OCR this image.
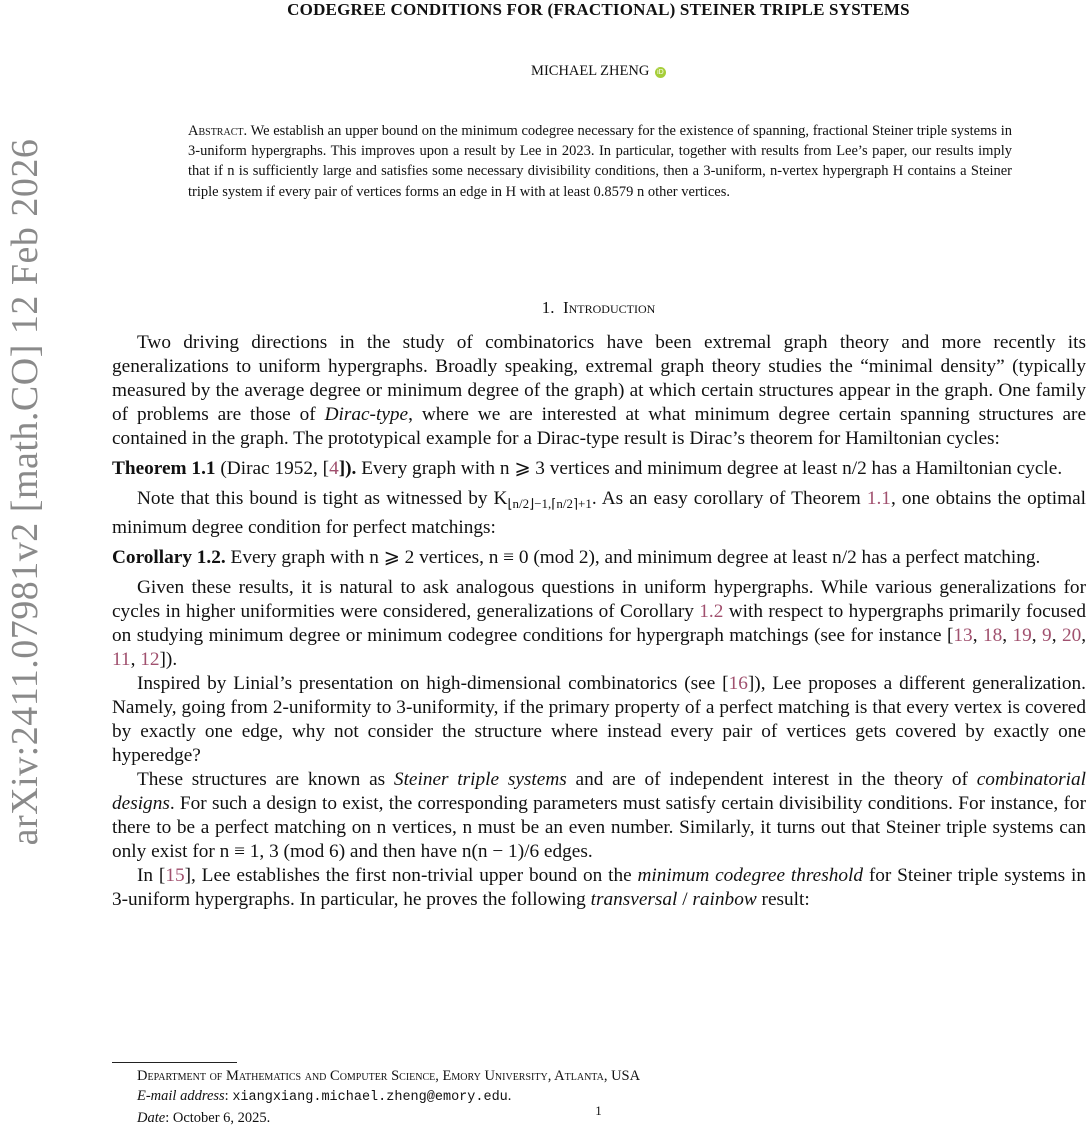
arXiv:2411.07981v2 [math.CO] 12 Feb 2026
CODEGREE CONDITIONS FOR (FRACTIONAL) STEINER TRIPLE SYSTEMS
MICHAEL ZHENG iD
Abstract. We establish an upper bound on the minimum codegree necessary for the existence of spanning, fractional Steiner triple systems in 3-uniform hypergraphs. This improves upon a result by Lee in 2023. In particular, together with results from Lee’s paper, our results imply that if n is sufficiently large and satisfies some necessary divisibility conditions, then a 3-uniform, n-vertex hypergraph H contains a Steiner triple system if every pair of vertices forms an edge in H with at least 0.8579 n other vertices.
1. Introduction

Two driving directions in the study of combinatorics have been extremal graph theory and more recently its generalizations to uniform hypergraphs. Broadly speaking, extremal graph theory studies the “minimal density” (typically measured by the average degree or minimum degree of the graph) at which certain structures appear in the graph. One family of problems are those of Dirac-type, where we are interested at what minimum degree certain spanning structures are contained in the graph. The prototypical example for a Dirac-type result is Dirac’s theorem for Hamiltonian cycles:

Theorem 1.1 (Dirac 1952, [4]). Every graph with n ⩾ 3 vertices and minimum degree at least n/2 has a Hamiltonian cycle.

Note that this bound is tight as witnessed by $K_{⌊n/2⌋-1,⌈n/2⌉+1}$. As an easy corollary of Theorem 1.1, one obtains the optimal minimum degree condition for perfect matchings:

Corollary 1.2. Every graph with n ⩾ 2 vertices, n ≡ 0 (mod 2), and minimum degree at least n/2 has a perfect matching.

Given these results, it is natural to ask analogous questions in uniform hypergraphs. While various generalizations for cycles in higher uniformities were considered, generalizations of Corollary 1.2 with respect to hypergraphs primarily focused on studying minimum degree or minimum codegree conditions for hypergraph matchings (see for instance [13, 18, 19, 9, 20, 11, 12]).

Inspired by Linial’s presentation on high-dimensional combinatorics (see [16]), Lee proposes a different generalization. Namely, going from 2-uniformity to 3-uniformity, if the primary property of a perfect matching is that every vertex is covered by exactly one edge, why not consider the structure where instead every pair of vertices gets covered by exactly one hyperedge?

These structures are known as Steiner triple systems and are of independent interest in the theory of combinatorial designs. For such a design to exist, the corresponding parameters must satisfy certain divisibility conditions. For instance, for there to be a perfect matching on n vertices, n must be an even number. Similarly, it turns out that Steiner triple systems can only exist for n ≡ 1, 3 (mod 6) and then have n(n − 1)/6 edges.

In [15], Lee establishes the first non-trivial upper bound on the minimum codegree threshold for Steiner triple systems in 3-uniform hypergraphs. In particular, he proves the following transversal / rainbow result:

Department of Mathematics and Computer Science, Emory University, Atlanta, USA
E-mail address: xiangxiang.michael.zheng@emory.edu.
Date: October 6, 2025.	1
